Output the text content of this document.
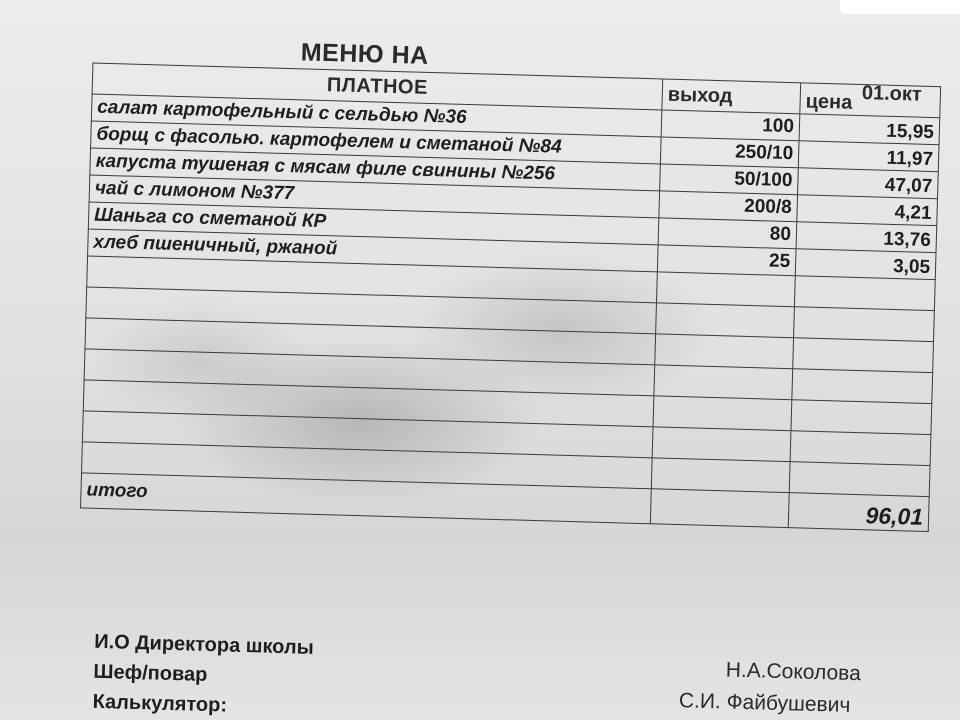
МЕНЮ НА
01.окт
ПЛАТНОЕ	выход	цена
салат картофельный с сельдью №36	100	15,95
борщ с фасолью. картофелем и сметаной №84	250/10	11,97
капуста тушеная с мясам филе свинины №256	50/100	47,07
чай с лимоном №377	200/8	4,21
Шаньга со сметаной КР	80	13,76
хлеб пшеничный, ржаной	25	3,05

итого		96,01
И.О Директора школы
Шеф/повар
Калькулятор:
Н.А.Соколова
С.И. Файбушевич
